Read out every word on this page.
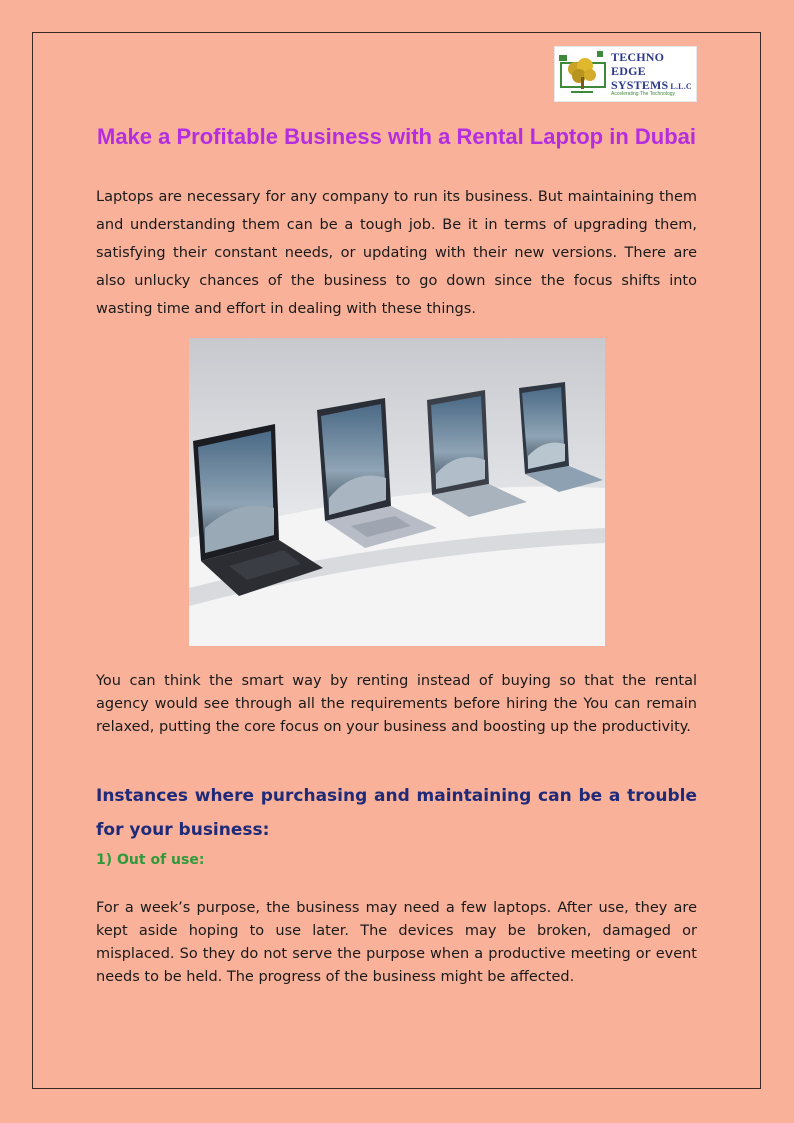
TECHNO
EDGE
SYSTEMS L.L.C
Accelerating The Technology
Make a Profitable Business with a Rental Laptop in Dubai

Laptops are necessary for any company to run its business. But maintaining them and understanding them can be a tough job. Be it in terms of upgrading them, satisfying their constant needs, or updating with their new versions. There are also unlucky chances of the business to go down since the focus shifts into wasting time and effort in dealing with these things.

You can think the smart way by renting instead of buying so that the rental agency would see through all the requirements before hiring the You can remain relaxed, putting the core focus on your business and boosting up the productivity.

Instances where purchasing and maintaining can be a trouble for your business:
1) Out of use:

For a week’s purpose, the business may need a few laptops. After use, they are kept aside hoping to use later. The devices may be broken, damaged or misplaced. So they do not serve the purpose when a productive meeting or event needs to be held. The progress of the business might be affected.
